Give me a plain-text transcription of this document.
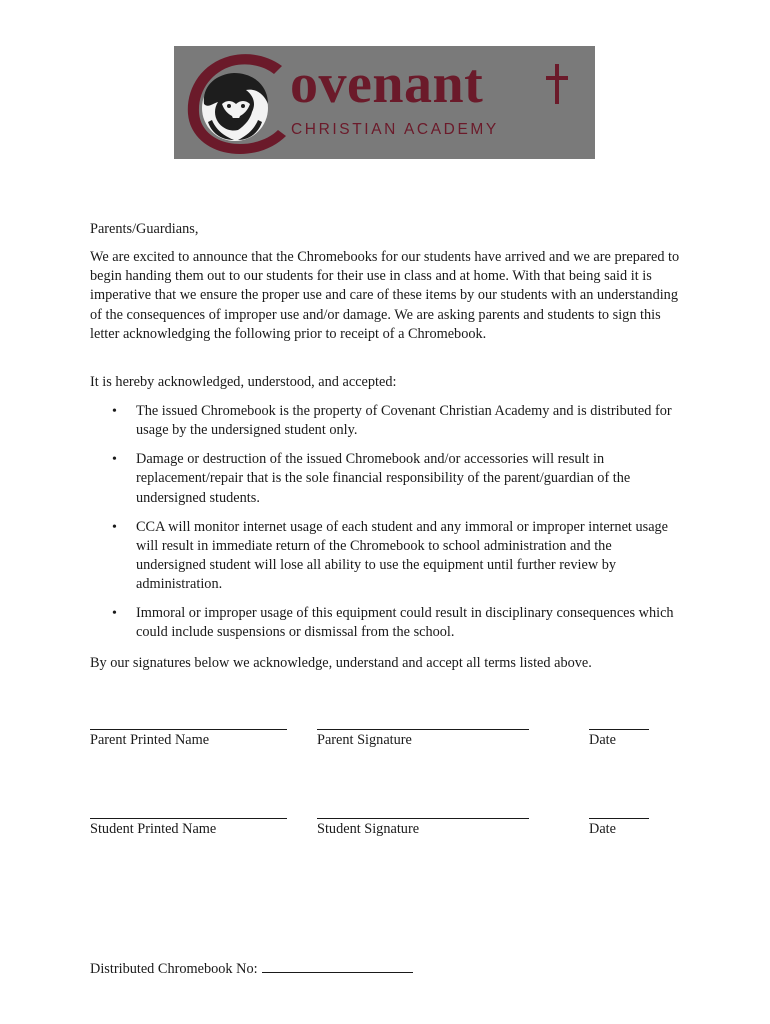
ovenant
CHRISTIAN ACADEMY

Parents/Guardians,

We are excited to announce that the Chromebooks for our students have arrived and we are prepared to begin handing them out to our students for their use in class and at home. With that being said it is imperative that we ensure the proper use and care of these items by our students with an understanding of the consequences of improper use and/or damage. We are asking parents and students to sign this letter acknowledging the following prior to receipt of a Chromebook.

It is hereby acknowledged, understood, and accepted:

• The issued Chromebook is the property of Covenant Christian Academy and is distributed for usage by the undersigned student only.
• Damage or destruction of the issued Chromebook and/or accessories will result in replacement/repair that is the sole financial responsibility of the parent/guardian of the undersigned students.
• CCA will monitor internet usage of each student and any immoral or improper internet usage will result in immediate return of the Chromebook to school administration and the undersigned student will lose all ability to use the equipment until further review by administration.
• Immoral or improper usage of this equipment could result in disciplinary consequences which could include suspensions or dismissal from the school.

By our signatures below we acknowledge, understand and accept all terms listed above.

Parent Printed Name	Parent Signature	Date
Student Printed Name	Student Signature	Date
Distributed Chromebook No:
